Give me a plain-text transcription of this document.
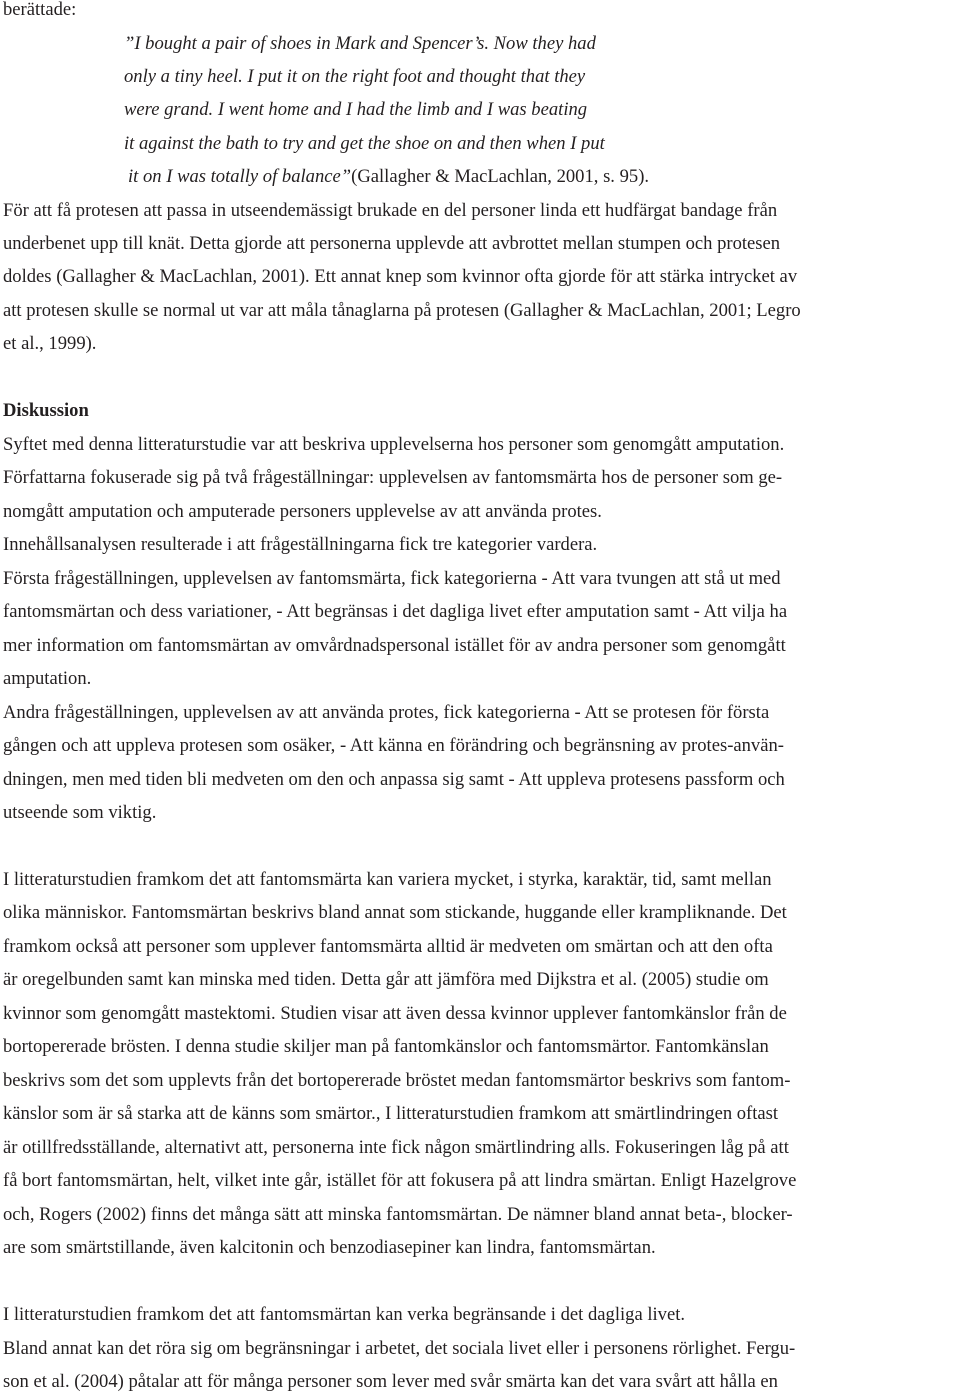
berättade:
”I bought a pair of shoes in Mark and Spencer’s. Now they had
only a tiny heel. I put it on the right foot and thought that they
were grand. I went home and I had the limb and I was beating
it against the bath to try and get the shoe on and then when I put
it on I was totally of balance”(Gallagher & MacLachlan, 2001, s. 95).
För att få protesen att passa in utseendemässigt brukade en del personer linda ett hudfärgat bandage från
underbenet upp till knät. Detta gjorde att personerna upplevde att avbrottet mellan stumpen och protesen
doldes (Gallagher & MacLachlan, 2001). Ett annat knep som kvinnor ofta gjorde för att stärka intrycket av
att protesen skulle se normal ut var att måla tånaglarna på protesen (Gallagher & MacLachlan, 2001; Legro
et al., 1999).
Diskussion
Syftet med denna litteraturstudie var att beskriva upplevelserna hos personer som genomgått amputation.
Författarna fokuserade sig på två frågeställningar: upplevelsen av fantomsmärta hos de personer som ge-
nomgått amputation och amputerade personers upplevelse av att använda protes.
Innehållsanalysen resulterade i att frågeställningarna fick tre kategorier vardera.
Första frågeställningen, upplevelsen av fantomsmärta, fick kategorierna - Att vara tvungen att stå ut med
fantomsmärtan och dess variationer, - Att begränsas i det dagliga livet efter amputation samt - Att vilja ha
mer information om fantomsmärtan av omvårdnadspersonal istället för av andra personer som genomgått
amputation.
Andra frågeställningen, upplevelsen av att använda protes, fick kategorierna - Att se protesen för första
gången och att uppleva protesen som osäker, - Att känna en förändring och begränsning av protes-använ-
dningen, men med tiden bli medveten om den och anpassa sig samt - Att uppleva protesens passform och
utseende som viktig.
I litteraturstudien framkom det att fantomsmärta kan variera mycket, i styrka, karaktär, tid, samt mellan
olika människor. Fantomsmärtan beskrivs bland annat som stickande, huggande eller krampliknande. Det
framkom också att personer som upplever fantomsmärta alltid är medveten om smärtan och att den ofta
är oregelbunden samt kan minska med tiden. Detta går att jämföra med Dijkstra et al. (2005) studie om
kvinnor som genomgått mastektomi. Studien visar att även dessa kvinnor upplever fantomkänslor från de
bortopererade brösten. I denna studie skiljer man på fantomkänslor och fantomsmärtor. Fantomkänslan
beskrivs som det som upplevts från det bortopererade bröstet medan fantomsmärtor beskrivs som fantom-
känslor som är så starka att de känns som smärtor., I litteraturstudien framkom att smärtlindringen oftast
är otillfredsställande, alternativt att, personerna inte fick någon smärtlindring alls. Fokuseringen låg på att
få bort fantomsmärtan, helt, vilket inte går, istället för att fokusera på att lindra smärtan. Enligt Hazelgrove
och, Rogers (2002) finns det många sätt att minska fantomsmärtan. De nämner bland annat beta-, blocker-
are som smärtstillande, även kalcitonin och benzodiasepiner kan lindra, fantomsmärtan.
I litteraturstudien framkom det att fantomsmärtan kan verka begränsande i det dagliga livet.
Bland annat kan det röra sig om begränsningar i arbetet, det sociala livet eller i personens rörlighet. Fergu-
son et al. (2004) påtalar att för många personer som lever med svår smärta kan det vara svårt att hålla en
